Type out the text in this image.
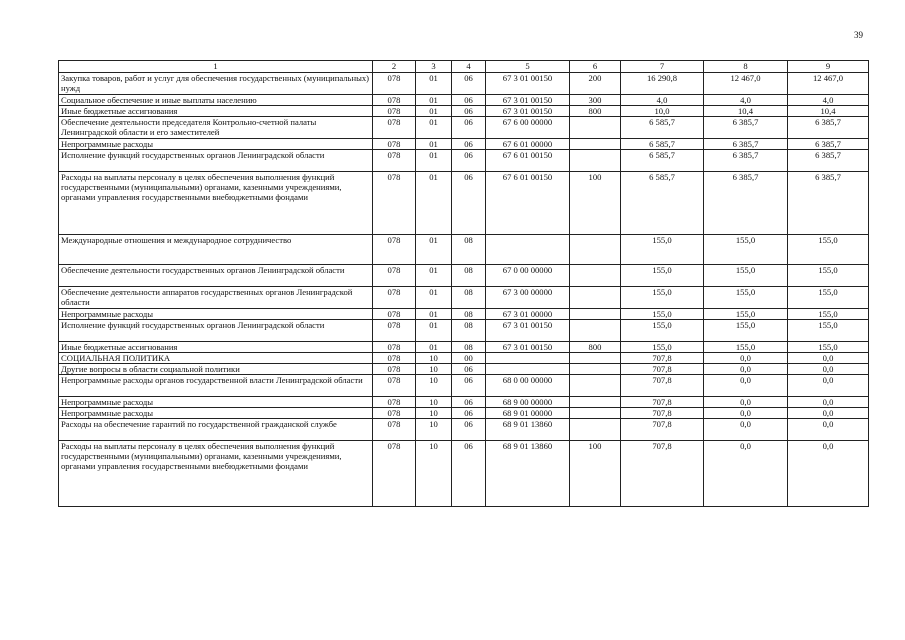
39
1	2	3	4	5	6	7	8	9
Закупка товаров, работ и услуг для обеспечения государственных (муниципальных) нужд	078	01	06	67 3 01 00150	200	16 290,8	12 467,0	12 467,0
Социальное обеспечение и иные выплаты населению	078	01	06	67 3 01 00150	300	4,0	4,0	4,0
Иные бюджетные ассигнования	078	01	06	67 3 01 00150	800	10,0	10,4	10,4
Обеспечение деятельности председателя Контрольно-счетной палаты Ленинградской области и его заместителей	078	01	06	67 6 00 00000		6 585,7	6 385,7	6 385,7
Непрограммные расходы	078	01	06	67 6 01 00000		6 585,7	6 385,7	6 385,7
Исполнение функций государственных органов Ленинградской области	078	01	06	67 6 01 00150		6 585,7	6 385,7	6 385,7
Расходы на выплаты персоналу в целях обеспечения выполнения функций государственными (муниципальными) органами, казенными учреждениями, органами управления государственными внебюджетными фондами	078	01	06	67 6 01 00150	100	6 585,7	6 385,7	6 385,7
Международные отношения и международное сотрудничество	078	01	08			155,0	155,0	155,0
Обеспечение деятельности государственных органов Ленинградской области	078	01	08	67 0 00 00000		155,0	155,0	155,0
Обеспечение деятельности аппаратов государственных органов Ленинградской области	078	01	08	67 3 00 00000		155,0	155,0	155,0
Непрограммные расходы	078	01	08	67 3 01 00000		155,0	155,0	155,0
Исполнение функций государственных органов Ленинградской области	078	01	08	67 3 01 00150		155,0	155,0	155,0
Иные бюджетные ассигнования	078	01	08	67 3 01 00150	800	155,0	155,0	155,0
СОЦИАЛЬНАЯ ПОЛИТИКА	078	10	00			707,8	0,0	0,0
Другие вопросы в области социальной политики	078	10	06			707,8	0,0	0,0
Непрограммные расходы органов государственной власти Ленинградской области	078	10	06	68 0 00 00000		707,8	0,0	0,0
Непрограммные расходы	078	10	06	68 9 00 00000		707,8	0,0	0,0
Непрограммные расходы	078	10	06	68 9 01 00000		707,8	0,0	0,0
Расходы на обеспечение гарантий по государственной гражданской службе	078	10	06	68 9 01 13860		707,8	0,0	0,0
Расходы на выплаты персоналу в целях обеспечения выполнения функций государственными (муниципальными) органами, казенными учреждениями, органами управления государственными внебюджетными фондами	078	10	06	68 9 01 13860	100	707,8	0,0	0,0
